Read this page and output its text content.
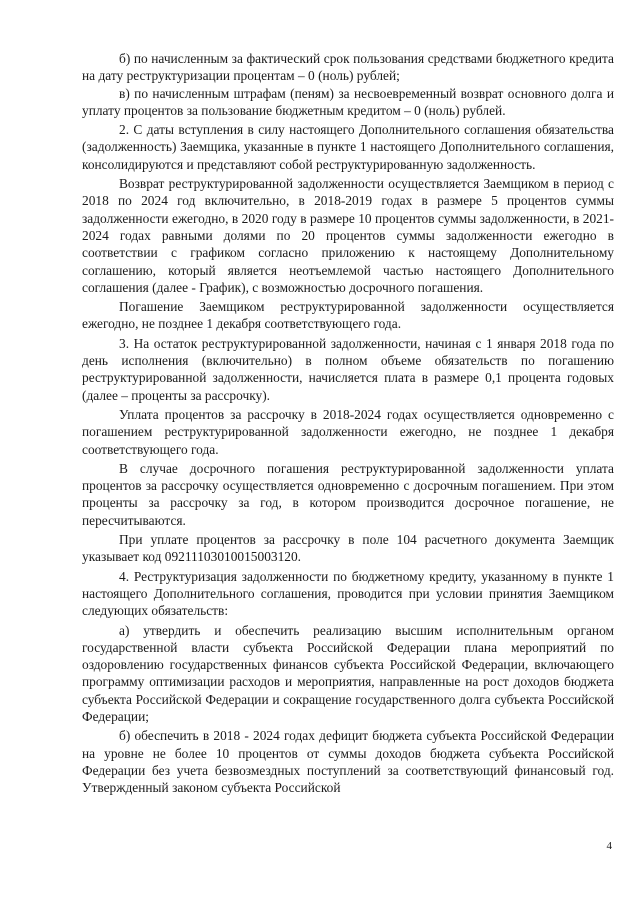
б) по начисленным за фактический срок пользования средствами бюджетного кредита на дату реструктуризации процентам – 0 (ноль) рублей;

в) по начисленным штрафам (пеням) за несвоевременный возврат основного долга и уплату процентов за пользование бюджетным кредитом – 0 (ноль) рублей.

2. С даты вступления в силу настоящего Дополнительного соглашения обязательства (задолженность) Заемщика, указанные в пункте 1 настоящего Дополнительного соглашения, консолидируются и представляют собой реструктурированную задолженность.

Возврат реструктурированной задолженности осуществляется Заемщиком в период с 2018 по 2024 год включительно, в 2018-2019 годах в размере 5 процентов суммы задолженности ежегодно, в 2020 году в размере 10 процентов суммы задолженности, в 2021-2024 годах равными долями по 20 процентов суммы задолженности ежегодно в соответствии с графиком согласно приложению к настоящему Дополнительному соглашению, который является неотъемлемой частью настоящего Дополнительного соглашения (далее - График), с возможностью досрочного погашения.

Погашение Заемщиком реструктурированной задолженности осуществляется ежегодно, не позднее 1 декабря соответствующего года.

3. На остаток реструктурированной задолженности, начиная с 1 января 2018 года по день исполнения (включительно) в полном объеме обязательств по погашению реструктурированной задолженности, начисляется плата в размере 0,1 процента годовых (далее – проценты за рассрочку).

Уплата процентов за рассрочку в 2018-2024 годах осуществляется одновременно с погашением реструктурированной задолженности ежегодно, не позднее 1 декабря соответствующего года.

В случае досрочного погашения реструктурированной задолженности уплата процентов за рассрочку осуществляется одновременно с досрочным погашением. При этом проценты за рассрочку за год, в котором производится досрочное погашение, не пересчитываются.

При уплате процентов за рассрочку в поле 104 расчетного документа Заемщик указывает код 09211103010015003120.

4. Реструктуризация задолженности по бюджетному кредиту, указанному в пункте 1 настоящего Дополнительного соглашения, проводится при условии принятия Заемщиком следующих обязательств:

а) утвердить и обеспечить реализацию высшим исполнительным органом государственной власти субъекта Российской Федерации плана мероприятий по оздоровлению государственных финансов субъекта Российской Федерации, включающего программу оптимизации расходов и мероприятия, направленные на рост доходов бюджета субъекта Российской Федерации и сокращение государственного долга субъекта Российской Федерации;

б) обеспечить в 2018 - 2024 годах дефицит бюджета субъекта Российской Федерации на уровне не более 10 процентов от суммы доходов бюджета субъекта Российской Федерации без учета безвозмездных поступлений за соответствующий финансовый год. Утвержденный законом субъекта Российской

4
